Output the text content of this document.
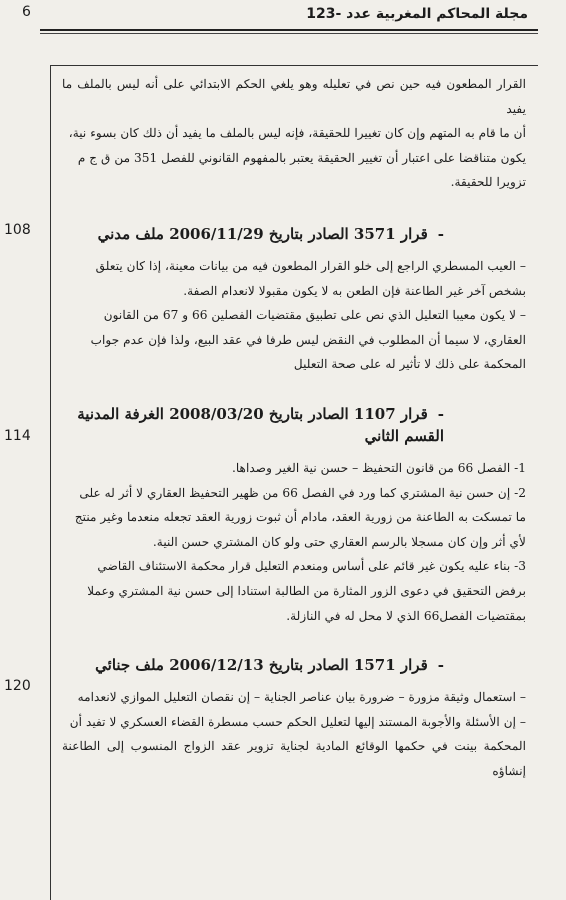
مجلة المحاكم المغربية عدد -123
6
108
114
120

القرار المطعون فيه حين نص في تعليله وهو يلغي الحكم الابتدائي على أنه ليس بالملف ما يفيد

أن ما قام به المتهم وإن كان تغييرا للحقيقة، فإنه ليس بالملف ما يفيد أن ذلك كان بسوء نية،

يكون متناقضا على اعتبار أن تغيير الحقيقة يعتبر بالمفهوم القانوني للفصل 351 من ق ج م

تزويرا للحقيقة.

-قرار 3571 الصادر بتاريخ 2006/11/29 ملف مدني

– العيب المسطري الراجع إلى خلو القرار المطعون فيه من بيانات معينة، إذا كان يتعلق

بشخص آخر غير الطاعنة فإن الطعن به لا يكون مقبولا لانعدام الصفة.

– لا يكون معيبا التعليل الذي نص على تطبيق مقتضيات الفصلين 66 و 67 من القانون

العقاري، لا سيما أن المطلوب في النقض ليس طرفا في عقد البيع، ولذا فإن عدم جواب

المحكمة على ذلك لا تأثير له على صحة التعليل

-قرار 1107 الصادر بتاريخ 2008/03/20 الغرفة المدنية القسم الثاني

1- الفصل 66 من قانون التحفيظ – حسن نية الغير وصداها.

2- إن حسن نية المشتري كما ورد في الفصل 66 من ظهير التحفيظ العقاري لا أثر له على

ما تمسكت به الطاعنة من زورية العقد، مادام أن ثبوت زورية العقد تجعله منعدما وغير منتج

لأي أثر وإن كان مسجلا بالرسم العقاري حتى ولو كان المشتري حسن النية.

3- بناء عليه يكون غير قائم على أساس ومنعدم التعليل قرار محكمة الاستئناف القاضي

برفض التحقيق في دعوى الزور المثارة من الطالبة استنادا إلى حسن نية المشتري وعملا

بمقتضيات الفصل66 الذي لا محل له في النازلة.

-قرار 1571 الصادر بتاريخ 2006/12/13 ملف جنائي

– استعمال وثيقة مزورة – ضرورة بيان عناصر الجناية – إن نقصان التعليل الموازي لانعدامه

– إن الأسئلة والأجوبة المستند إليها لتعليل الحكم حسب مسطرة القضاء العسكري لا تفيد أن

المحكمة بينت في حكمها الوقائع المادية لجناية تزوير عقد الزواج المنسوب إلى الطاعنة إنشاؤه
